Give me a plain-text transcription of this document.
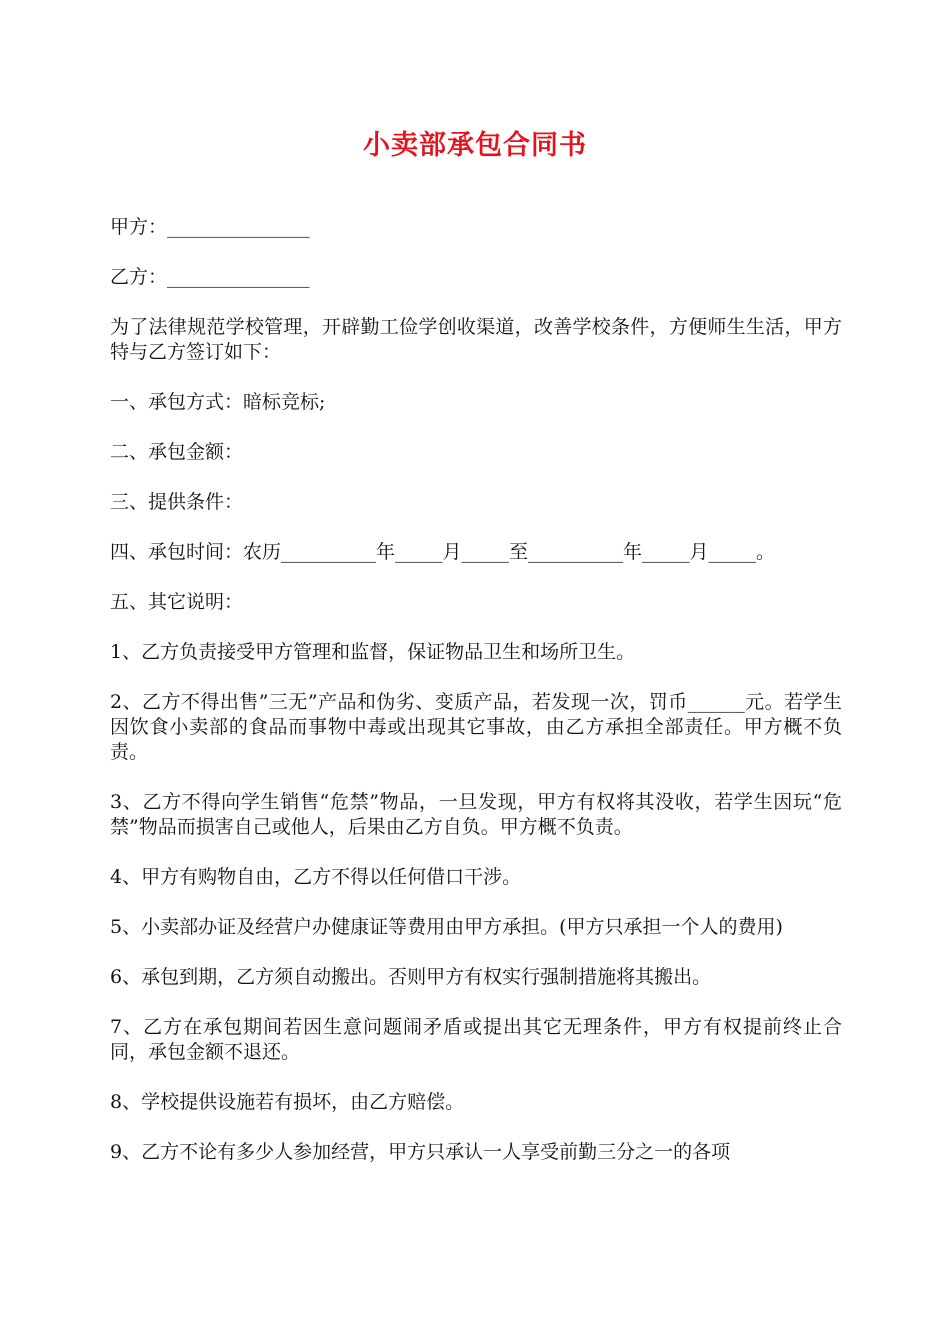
小卖部承包合同书

甲方：_______________

乙方：_______________

为了法律规范学校管理，开辟勤工俭学创收渠道，改善学校条件，方便师生生活，甲方特与乙方签订如下：

一、承包方式：暗标竞标;

二、承包金额：

三、提供条件：

四、承包时间：农历__________年_____月_____至__________年_____月_____。

五、其它说明：

1、乙方负责接受甲方管理和监督，保证物品卫生和场所卫生。

2、乙方不得出售”三无”产品和伪劣、变质产品，若发现一次，罚币______元。若学生因饮食小卖部的食品而事物中毒或出现其它事故，由乙方承担全部责任。甲方概不负责。

3、乙方不得向学生销售“危禁”物品，一旦发现，甲方有权将其没收，若学生因玩“危禁”物品而损害自己或他人，后果由乙方自负。甲方概不负责。

4、甲方有购物自由，乙方不得以任何借口干涉。

5、小卖部办证及经营户办健康证等费用由甲方承担。(甲方只承担一个人的费用)

6、承包到期，乙方须自动搬出。否则甲方有权实行强制措施将其搬出。

7、乙方在承包期间若因生意问题闹矛盾或提出其它无理条件，甲方有权提前终止合同，承包金额不退还。

8、学校提供设施若有损坏，由乙方赔偿。

9、乙方不论有多少人参加经营，甲方只承认一人享受前勤三分之一的各项
